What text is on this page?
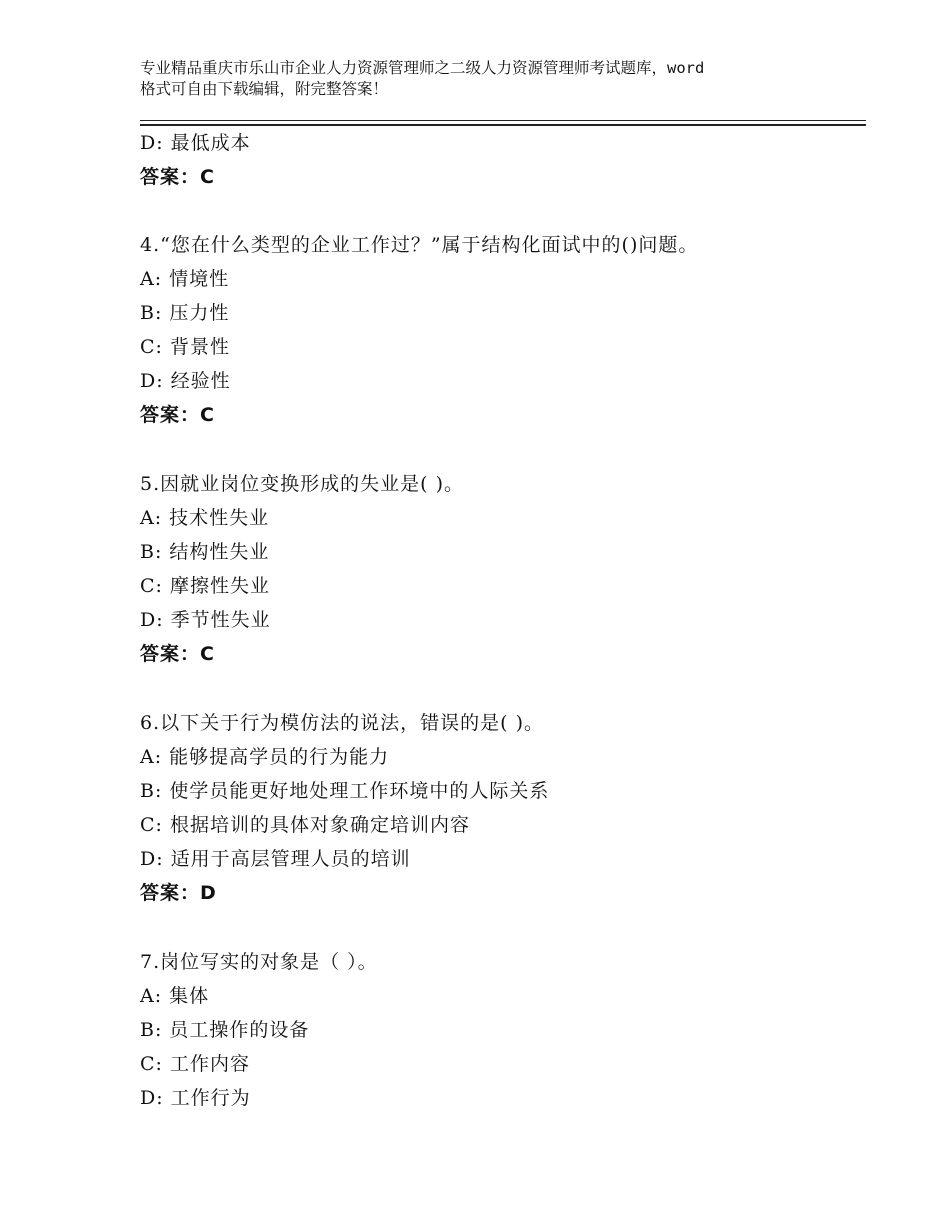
专业精品重庆市乐山市企业人力资源管理师之二级人力资源管理师考试题库，word
格式可自由下载编辑，附完整答案！
D: 最低成本
答案：C
4.“您在什么类型的企业工作过？”属于结构化面试中的()问题。
A: 情境性
B: 压力性
C: 背景性
D: 经验性
答案：C
5.因就业岗位变换形成的失业是( )。
A: 技术性失业
B: 结构性失业
C: 摩擦性失业
D: 季节性失业
答案：C
6.以下关于行为模仿法的说法，错误的是( )。
A: 能够提高学员的行为能力
B: 使学员能更好地处理工作环境中的人际关系
C: 根据培训的具体对象确定培训内容
D: 适用于高层管理人员的培训
答案：D
7.岗位写实的对象是（ ）。
A: 集体
B: 员工操作的设备
C: 工作内容
D: 工作行为
